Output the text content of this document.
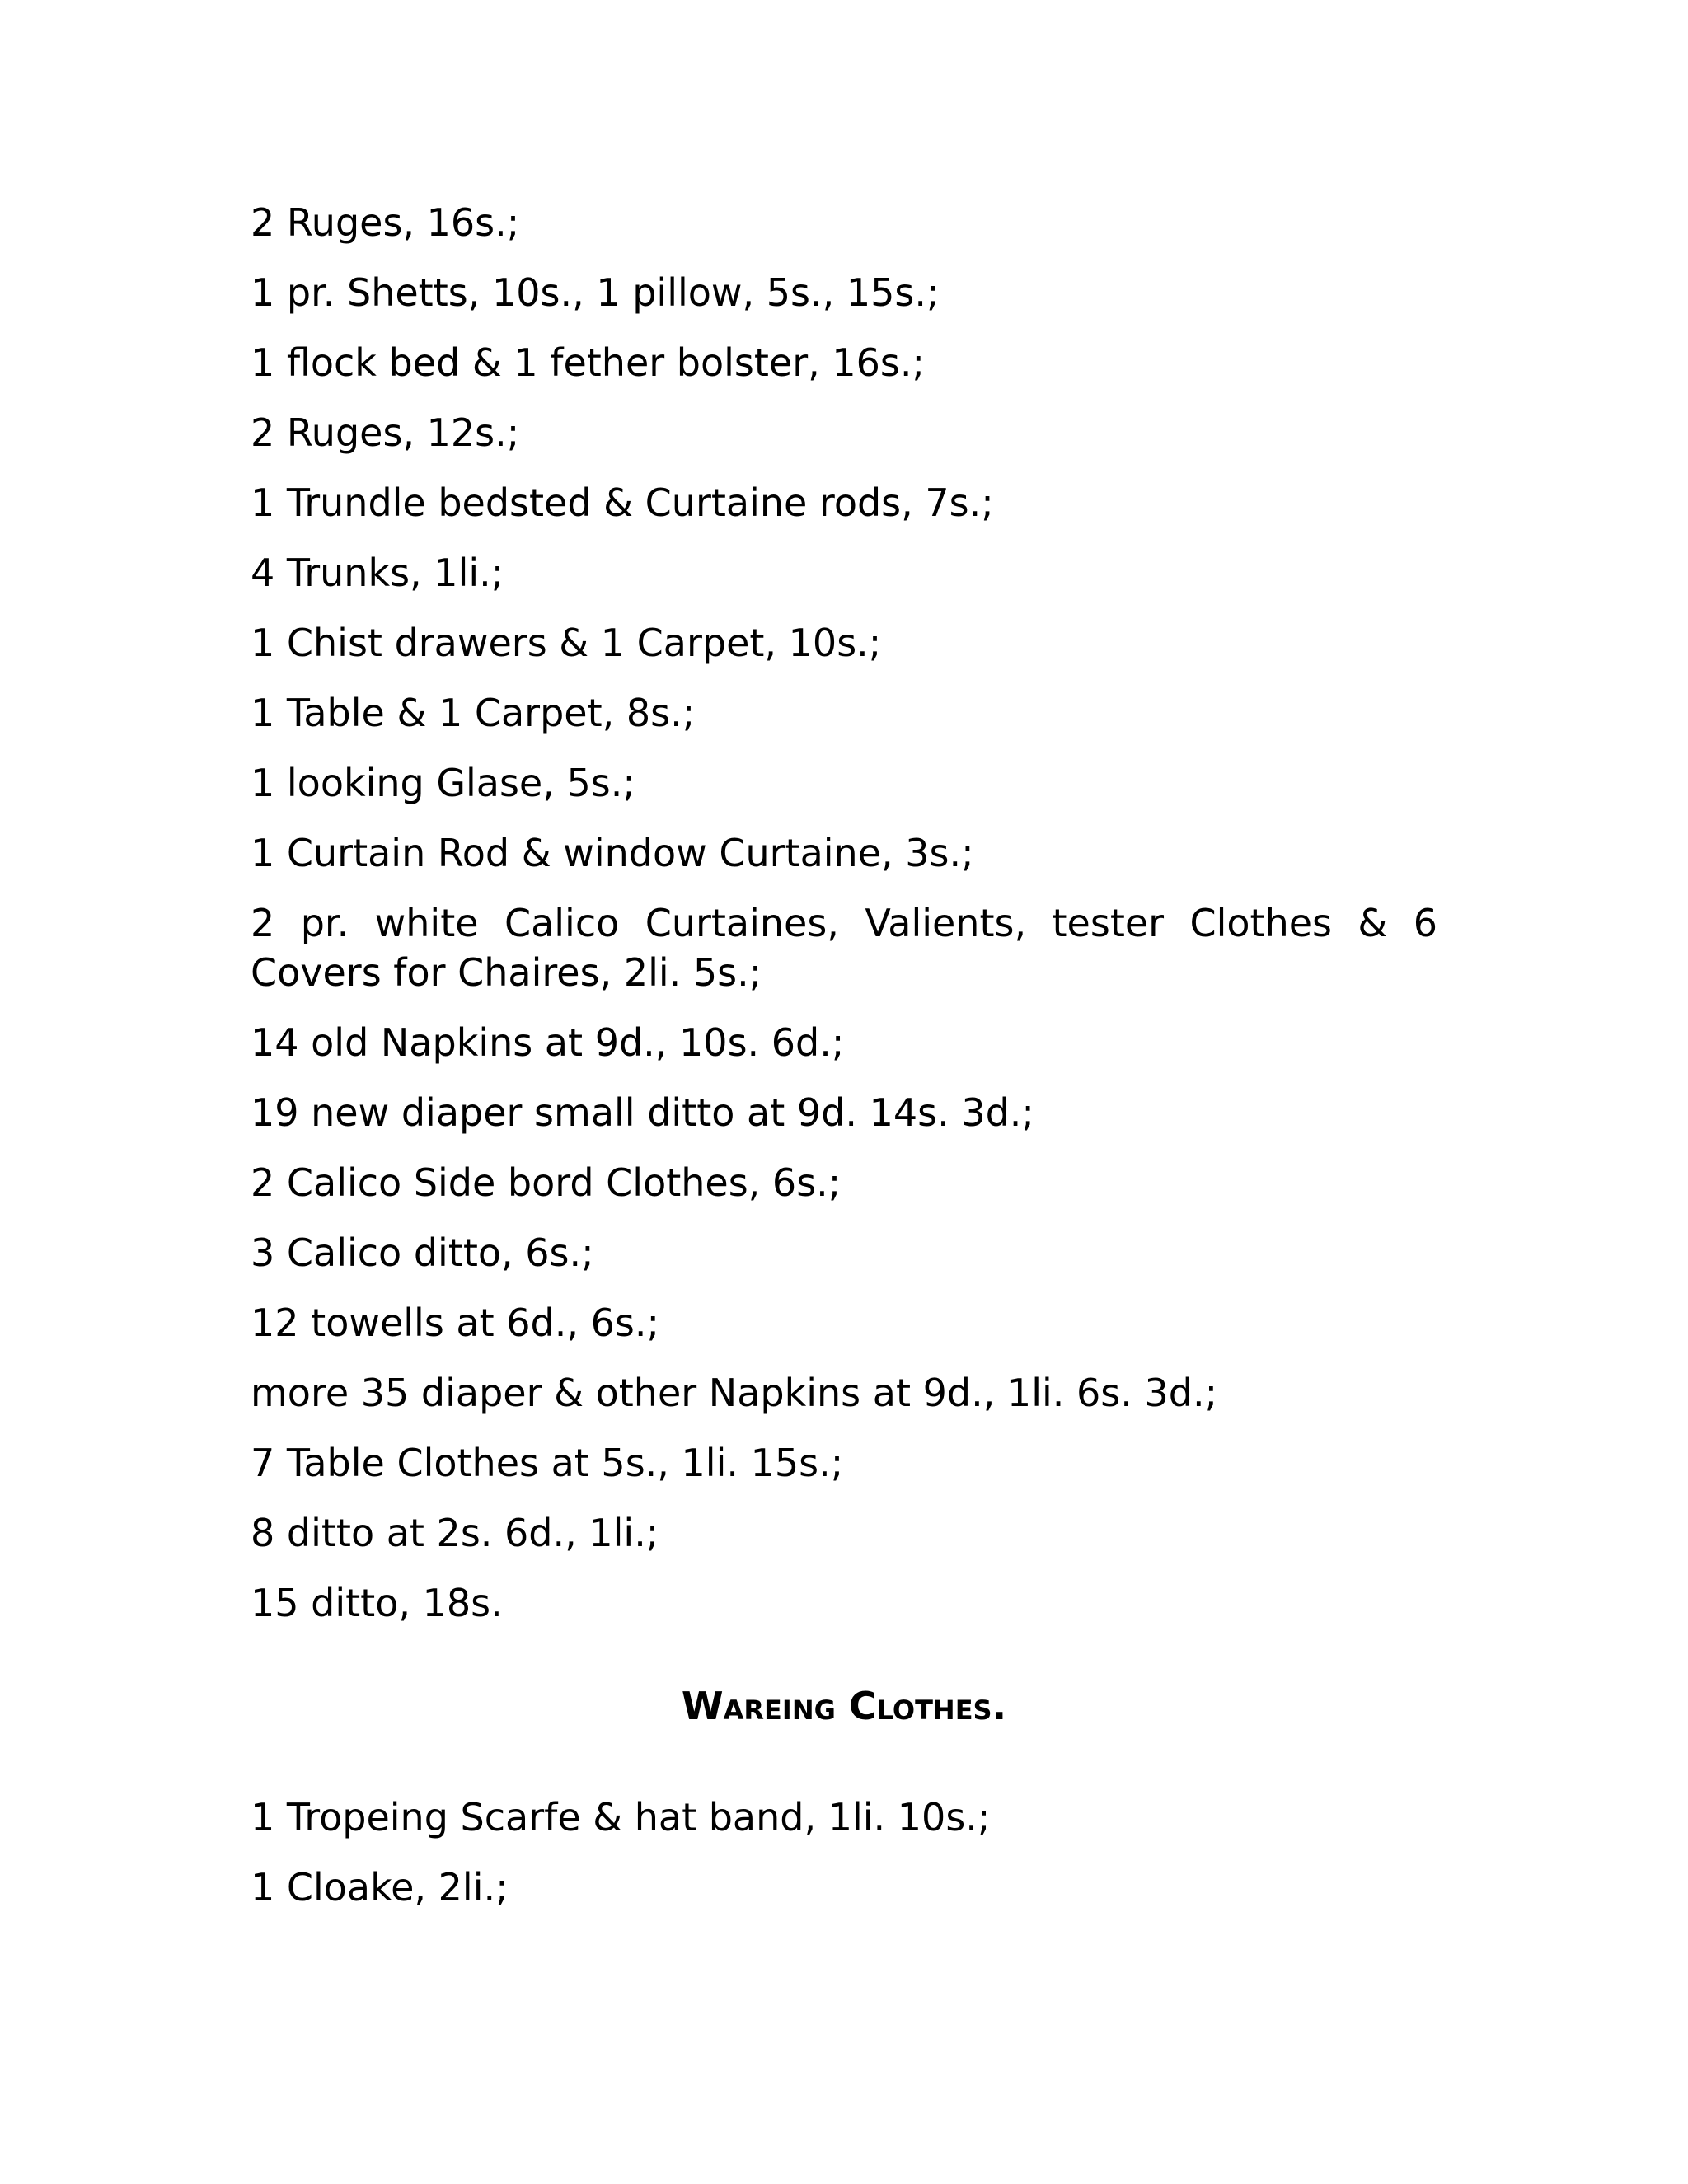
2 Ruges, 16s.;

1 pr. Shetts, 10s., 1 pillow, 5s., 15s.;

1 flock bed & 1 fether bolster, 16s.;

2 Ruges, 12s.;

1 Trundle bedsted & Curtaine rods, 7s.;

4 Trunks, 1li.;

1 Chist drawers & 1 Carpet, 10s.;

1 Table & 1 Carpet, 8s.;

1 looking Glase, 5s.;

1 Curtain Rod & window Curtaine, 3s.;

2 pr. white Calico Curtaines, Valients, tester Clothes & 6 Covers for Chaires, 2li. 5s.;

14 old Napkins at 9d., 10s. 6d.;

19 new diaper small ditto at 9d. 14s. 3d.;

2 Calico Side bord Clothes, 6s.;

3 Calico ditto, 6s.;

12 towells at 6d., 6s.;

more 35 diaper & other Napkins at 9d., 1li. 6s. 3d.;

7 Table Clothes at 5s., 1li. 15s.;

8 ditto at 2s. 6d., 1li.;

15 ditto, 18s.

Wareing Clothes.

1 Tropeing Scarfe & hat band, 1li. 10s.;

1 Cloake, 2li.;
